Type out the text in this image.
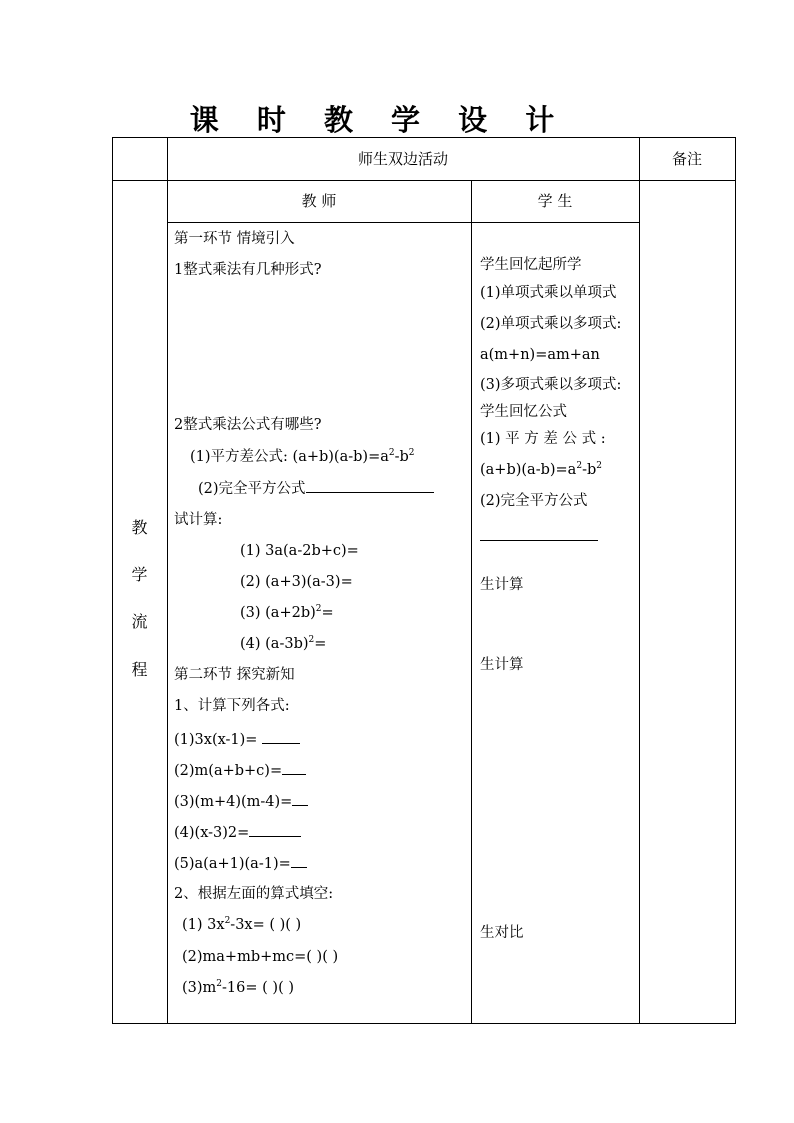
课 时 教 学 设 计
师生双边活动	备注
教 师	学 生
教
学
流
程
第一环节 情境引入
1整式乘法有几种形式?
2整式乘法公式有哪些?
(1)平方差公式: $(a+b)(a-b)=a^2-b^2$
(2)完全平方公式
试计算:
(1) 3a(a-2b+c)=
(2) (a+3)(a-3)=
(3) $(a+2b)^2=$
(4) $(a-3b)^2=$
第二环节 探究新知
1、计算下列各式:
(1)3x(x-1)=
(2)m(a+b+c)=
(3)(m+4)(m-4)=
(4)(x-3)2=
(5)a(a+1)(a-1)=
2、根据左面的算式填空:
(1) $3x^2-3x=$ ( )( )
(2)ma+mb+mc=( )( )
$(3)m^2-16=$ ( )( )
学生回忆起所学
(1)单项式乘以单项式
(2)单项式乘以多项式:
a(m+n)=am+an
(3)多项式乘以多项式:
学生回忆公式
(1) 平 方 差 公 式 :
$(a+b)(a-b)=a^2-b^2$
(2)完全平方公式
生计算
生计算
生对比
